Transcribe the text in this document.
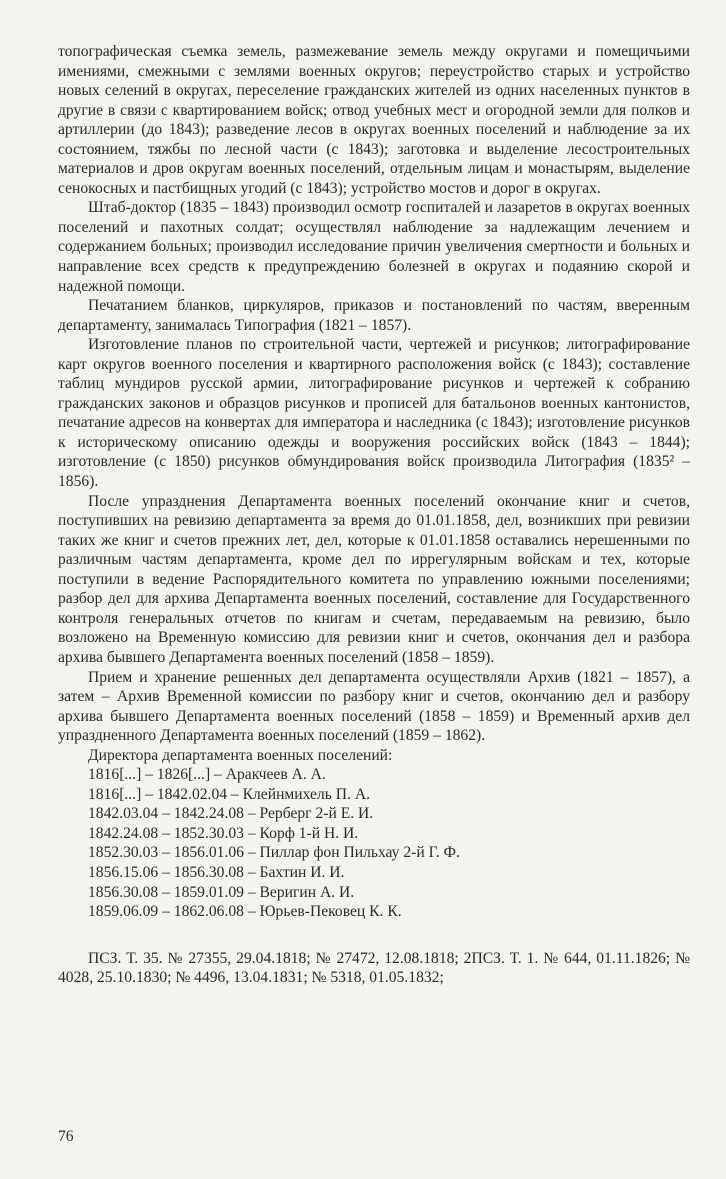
топографическая съемка земель, размежевание земель между округами и помещичьими имениями, смежными с землями военных округов; переустройство старых и устройство новых селений в округах, переселение гражданских жителей из одних населенных пунктов в другие в связи с квартированием войск; отвод учебных мест и огородной земли для полков и артиллерии (до 1843); разведение лесов в округах военных поселений и наблюдение за их состоянием, тяжбы по лесной части (с 1843); заготовка и выделение лесостроительных материалов и дров округам военных поселений, отдельным лицам и монастырям, выделение сенокосных и пастбищных угодий (с 1843); устройство мостов и дорог в округах.

Штаб-доктор (1835 – 1843) производил осмотр госпиталей и лазаретов в округах военных поселений и пахотных солдат; осуществлял наблюдение за надлежащим лечением и содержанием больных; производил исследование причин увеличения смертности и больных и направление всех средств к предупреждению болезней в округах и подаянию скорой и надежной помощи.

Печатанием бланков, циркуляров, приказов и постановлений по частям, вверенным департаменту, занималась Типография (1821 – 1857).

Изготовление планов по строительной части, чертежей и рисунков; литографирование карт округов военного поселения и квартирного расположения войск (с 1843); составление таблиц мундиров русской армии, литографирование рисунков и чертежей к собранию гражданских законов и образцов рисунков и прописей для батальонов военных кантонистов, печатание адресов на конвертах для императора и наследника (с 1843); изготовление рисунков к историческому описанию одежды и вооружения российских войск (1843 – 1844); изготовление (с 1850) рисунков обмундирования войск производила Литография (1835² – 1856).

После упразднения Департамента военных поселений окончание книг и счетов, поступивших на ревизию департамента за время до 01.01.1858, дел, возникших при ревизии таких же книг и счетов прежних лет, дел, которые к 01.01.1858 оставались нерешенными по различным частям департамента, кроме дел по иррегулярным войскам и тех, которые поступили в ведение Распорядительного комитета по управлению южными поселениями; разбор дел для архива Департамента военных поселений, составление для Государственного контроля генеральных отчетов по книгам и счетам, передаваемым на ревизию, было возложено на Временную комиссию для ревизии книг и счетов, окончания дел и разбора архива бывшего Департамента военных поселений (1858 – 1859).

Прием и хранение решенных дел департамента осуществляли Архив (1821 – 1857), а затем – Архив Временной комиссии по разбору книг и счетов, окончанию дел и разбору архива бывшего Департамента военных поселений (1858 – 1859) и Временный архив дел упраздненного Департамента военных поселений (1859 – 1862).

Директора департамента военных поселений:
1816[...] – 1826[...] – Аракчеев А. А.
1816[...] – 1842.02.04 – Клейнмихель П. А.
1842.03.04 – 1842.24.08 – Рерберг 2-й Е. И.
1842.24.08 – 1852.30.03 – Корф 1-й Н. И.
1852.30.03 – 1856.01.06 – Пиллар фон Пильхау 2-й Г. Ф.
1856.15.06 – 1856.30.08 – Бахтин И. И.
1856.30.08 – 1859.01.09 – Веригин А. И.
1859.06.09 – 1862.06.08 – Юрьев-Пековец К. К.

ПСЗ. Т. 35. № 27355, 29.04.1818; № 27472, 12.08.1818; 2ПСЗ. Т. 1. № 644, 01.11.1826; № 4028, 25.10.1830; № 4496, 13.04.1831; № 5318, 01.05.1832;

76
